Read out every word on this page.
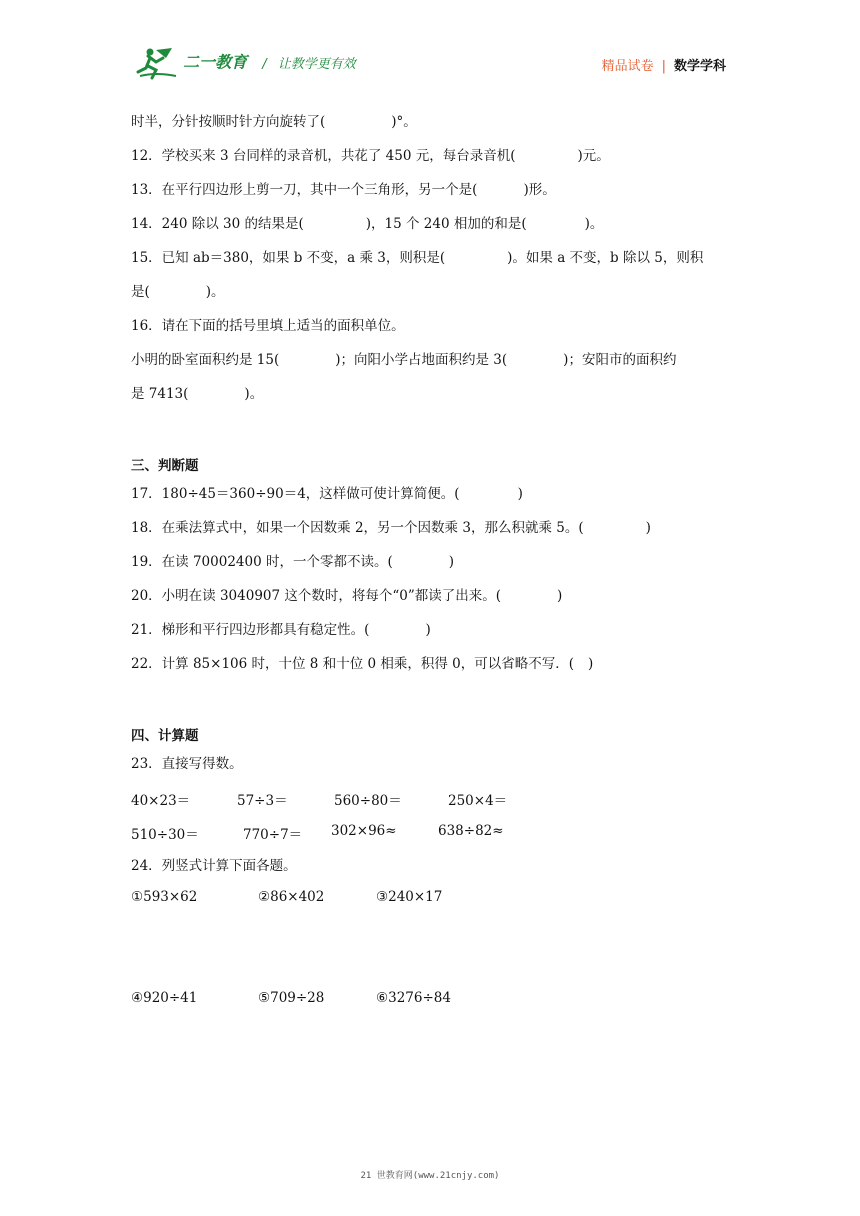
二一教育 / 让教学更有效	精品试卷 | 数学学科
时半，分针按顺时针方向旋转了(	)°。
12．学校买来 3 台同样的录音机，共花了 450 元，每台录音机(	)元。
13．在平行四边形上剪一刀，其中一个三角形，另一个是(	)形。
14．240 除以 30 的结果是(	)，15 个 240 相加的和是(	)。
15．已知 ab＝380，如果 b 不变，a 乘 3，则积是(	)。如果 a 不变，b 除以 5，则积
是(	)。
16．请在下面的括号里填上适当的面积单位。
小明的卧室面积约是 15(	)；向阳小学占地面积约是 3(	)；安阳市的面积约
是 7413(	)。
三、判断题
17．180÷45＝360÷90＝4，这样做可使计算简便。(	)
18．在乘法算式中，如果一个因数乘 2，另一个因数乘 3，那么积就乘 5。(	)
19．在读 70002400 时，一个零都不读。(	)
20．小明在读 3040907 这个数时，将每个“0”都读了出来。(	)
21．梯形和平行四边形都具有稳定性。(	)
22．计算 85×106 时，十位 8 和十位 0 相乘，积得 0，可以省略不写．( )
四、计算题
23．直接写得数。
40×23＝	57÷3＝	560÷80＝	250×4＝
510÷30＝	770÷7＝ 302×96≈	638÷82≈
24．列竖式计算下面各题。
①593×62	②86×402	③240×17
④920÷41	⑤709÷28	⑥3276÷84
21 世教育网(www.21cnjy.com)
